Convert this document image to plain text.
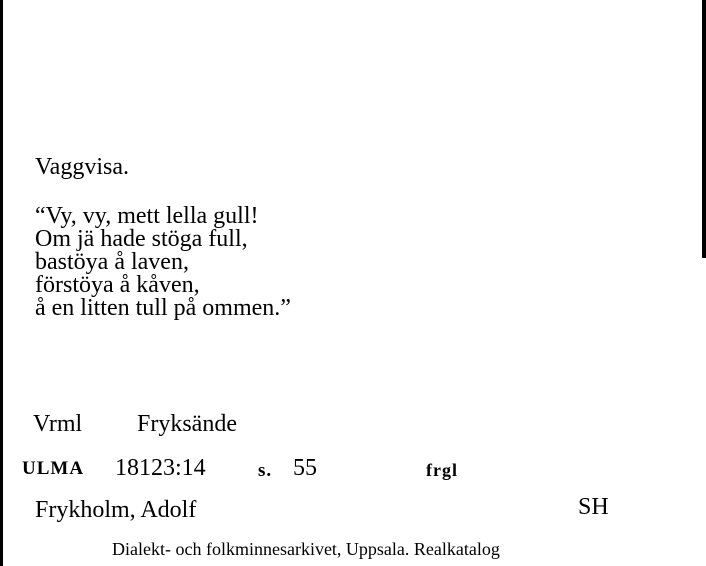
Vaggvisa.
“Vy, vy, mett lella gull!
Om jä hade stöga full,
bastöya å laven,
förstöya å kåven,
å en litten tull på ommen.”
Vrml Fryksände
ULMA 18123:14	s. 55	frgl
Frykholm, Adolf	SH
Dialekt- och folkminnesarkivet, Uppsala. Realkatalog
